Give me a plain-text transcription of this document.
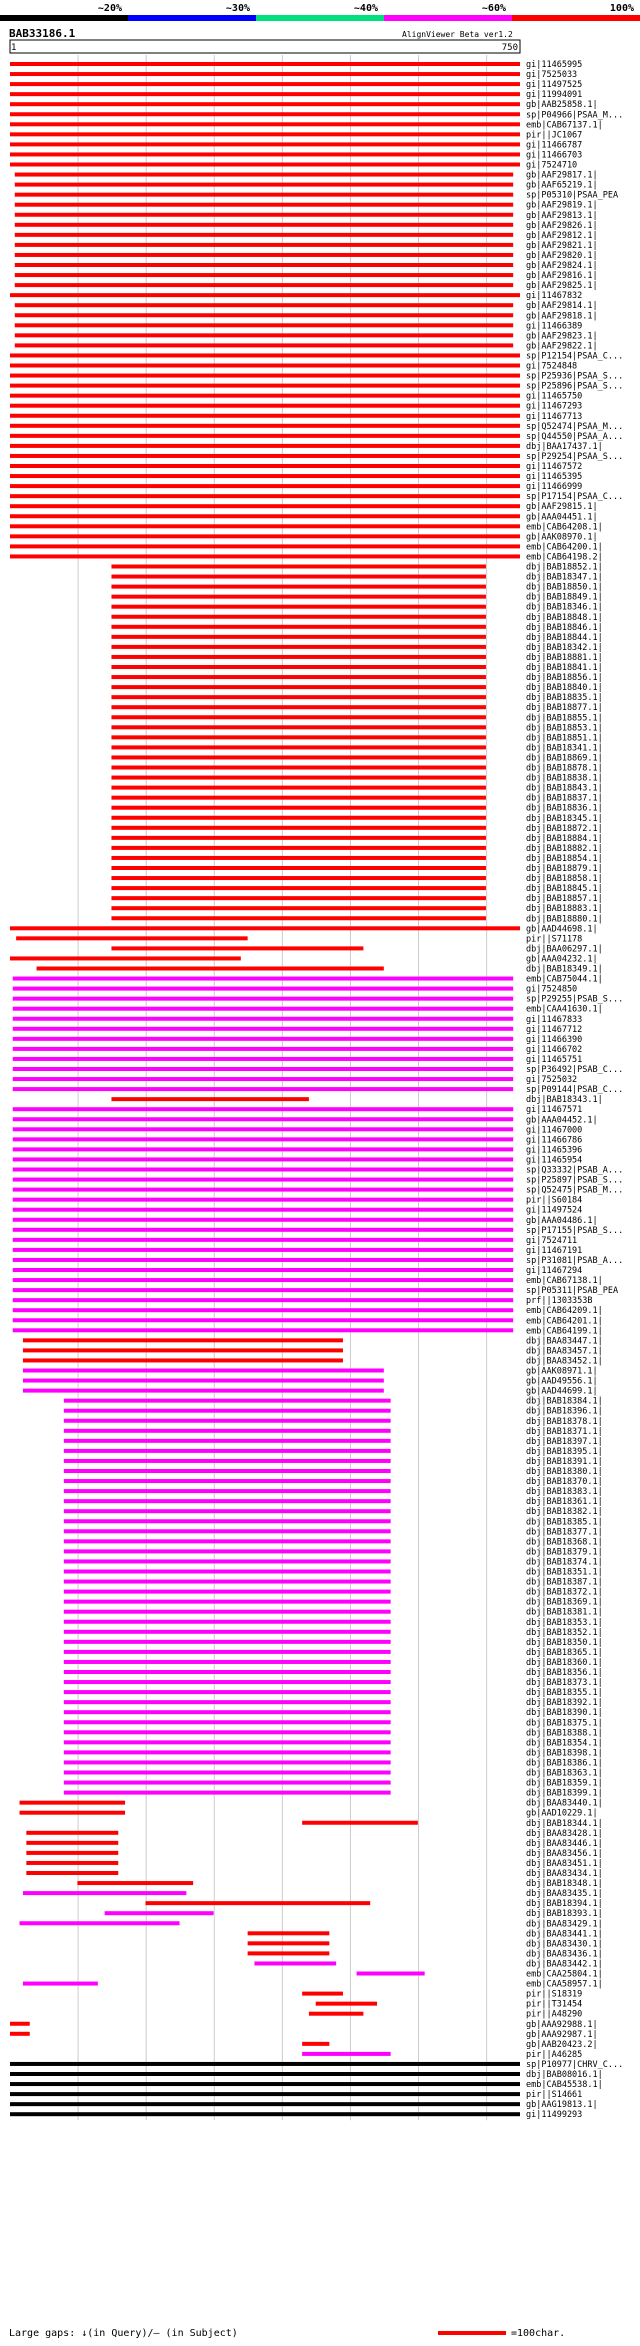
~20%	~30%	~40%	~60%	100%
BAB33186.1	AlignViewer Beta ver1.2
1	750
gi|11465995
gi|7525033
gi|11497525
gi|11994091
gb|AAB25858.1|
sp|P04966|PSAA_M...
emb|CAB67137.1|
pir||JC1067
gi|11466787
gi|11466703
gi|7524710
gb|AAF29817.1|
gb|AAF65219.1|
sp|P05310|PSAA_PEA
gb|AAF29819.1|
gb|AAF29813.1|
gb|AAF29826.1|
gb|AAF29812.1|
gb|AAF29821.1|
gb|AAF29820.1|
gb|AAF29824.1|
gb|AAF29816.1|
gb|AAF29825.1|
gi|11467832
gb|AAF29814.1|
gb|AAF29818.1|
gi|11466389
gb|AAF29823.1|
gb|AAF29822.1|
sp|P12154|PSAA_C...
gi|7524848
sp|P25936|PSAA_S...
sp|P25896|PSAA_S...
gi|11465750
gi|11467293
gi|11467713
sp|Q52474|PSAA_M...
sp|Q44550|PSAA_A...
dbj|BAA17437.1|
sp|P29254|PSAA_S...
gi|11467572
gi|11465395
gi|11466999
sp|P17154|PSAA_C...
gb|AAF29815.1|
gb|AAA04451.1|
emb|CAB64208.1|
gb|AAK08970.1|
emb|CAB64200.1|
emb|CAB64198.2|
dbj|BAB18852.1|
dbj|BAB18347.1|
dbj|BAB18850.1|
dbj|BAB18849.1|
dbj|BAB18346.1|
dbj|BAB18848.1|
dbj|BAB18846.1|
dbj|BAB18844.1|
dbj|BAB18342.1|
dbj|BAB18881.1|
dbj|BAB18841.1|
dbj|BAB18856.1|
dbj|BAB18840.1|
dbj|BAB18835.1|
dbj|BAB18877.1|
dbj|BAB18855.1|
dbj|BAB18853.1|
dbj|BAB18851.1|
dbj|BAB18341.1|
dbj|BAB18869.1|
dbj|BAB18878.1|
dbj|BAB18838.1|
dbj|BAB18843.1|
dbj|BAB18837.1|
dbj|BAB18836.1|
dbj|BAB18345.1|
dbj|BAB18872.1|
dbj|BAB18884.1|
dbj|BAB18882.1|
dbj|BAB18854.1|
dbj|BAB18879.1|
dbj|BAB18858.1|
dbj|BAB18845.1|
dbj|BAB18857.1|
dbj|BAB18883.1|
dbj|BAB18880.1|
gb|AAD44698.1|
pir||S71178
dbj|BAA06297.1|
gb|AAA04232.1|
dbj|BAB18349.1|
emb|CAB75044.1|
gi|7524850
sp|P29255|PSAB_S...
emb|CAA41630.1|
gi|11467833
gi|11467712
gi|11466390
gi|11466702
gi|11465751
sp|P36492|PSAB_C...
gi|7525032
sp|P09144|PSAB_C...
dbj|BAB18343.1|
gi|11467571
gb|AAA04452.1|
gi|11467000
gi|11466786
gi|11465396
gi|11465954
sp|Q33332|PSAB_A...
sp|P25897|PSAB_S...
sp|Q52475|PSAB_M...
pir||S60184
gi|11497524
gb|AAA04486.1|
sp|P17155|PSAB_S...
gi|7524711
gi|11467191
sp|P31081|PSAB_A...
gi|11467294
emb|CAB67138.1|
sp|P05311|PSAB_PEA
prf||1303353B
emb|CAB64209.1|
emb|CAB64201.1|
emb|CAB64199.1|
dbj|BAA83447.1|
dbj|BAA83457.1|
dbj|BAA83452.1|
gb|AAK08971.1|
gb|AAD49556.1|
gb|AAD44699.1|
dbj|BAB18384.1|
dbj|BAB18396.1|
dbj|BAB18378.1|
dbj|BAB18371.1|
dbj|BAB18397.1|
dbj|BAB18395.1|
dbj|BAB18391.1|
dbj|BAB18380.1|
dbj|BAB18370.1|
dbj|BAB18383.1|
dbj|BAB18361.1|
dbj|BAB18382.1|
dbj|BAB18385.1|
dbj|BAB18377.1|
dbj|BAB18368.1|
dbj|BAB18379.1|
dbj|BAB18374.1|
dbj|BAB18351.1|
dbj|BAB18387.1|
dbj|BAB18372.1|
dbj|BAB18369.1|
dbj|BAB18381.1|
dbj|BAB18353.1|
dbj|BAB18352.1|
dbj|BAB18350.1|
dbj|BAB18365.1|
dbj|BAB18360.1|
dbj|BAB18356.1|
dbj|BAB18373.1|
dbj|BAB18355.1|
dbj|BAB18392.1|
dbj|BAB18390.1|
dbj|BAB18375.1|
dbj|BAB18388.1|
dbj|BAB18354.1|
dbj|BAB18398.1|
dbj|BAB18386.1|
dbj|BAB18363.1|
dbj|BAB18359.1|
dbj|BAB18399.1|
dbj|BAA83440.1|
gb|AAD10229.1|
dbj|BAB18344.1|
dbj|BAA83428.1|
dbj|BAA83446.1|
dbj|BAA83456.1|
dbj|BAA83451.1|
dbj|BAA83434.1|
dbj|BAB18348.1|
dbj|BAA83435.1|
dbj|BAB18394.1|
dbj|BAB18393.1|
dbj|BAA83429.1|
dbj|BAA83441.1|
dbj|BAA83430.1|
dbj|BAA83436.1|
dbj|BAA83442.1|
emb|CAA25804.1|
emb|CAA58957.1|
pir||S18319
pir||T31454
pir||A48290
gb|AAA92988.1|
gb|AAA92987.1|
gb|AAB20423.2|
pir||A46285
sp|P10977|CHRV_C...
dbj|BAB08016.1|
emb|CAB45538.1|
pir||S14661
gb|AAG19813.1|
gi|11499293
Large gaps: ↓(in Query)/– (in Subject)	=100char.
